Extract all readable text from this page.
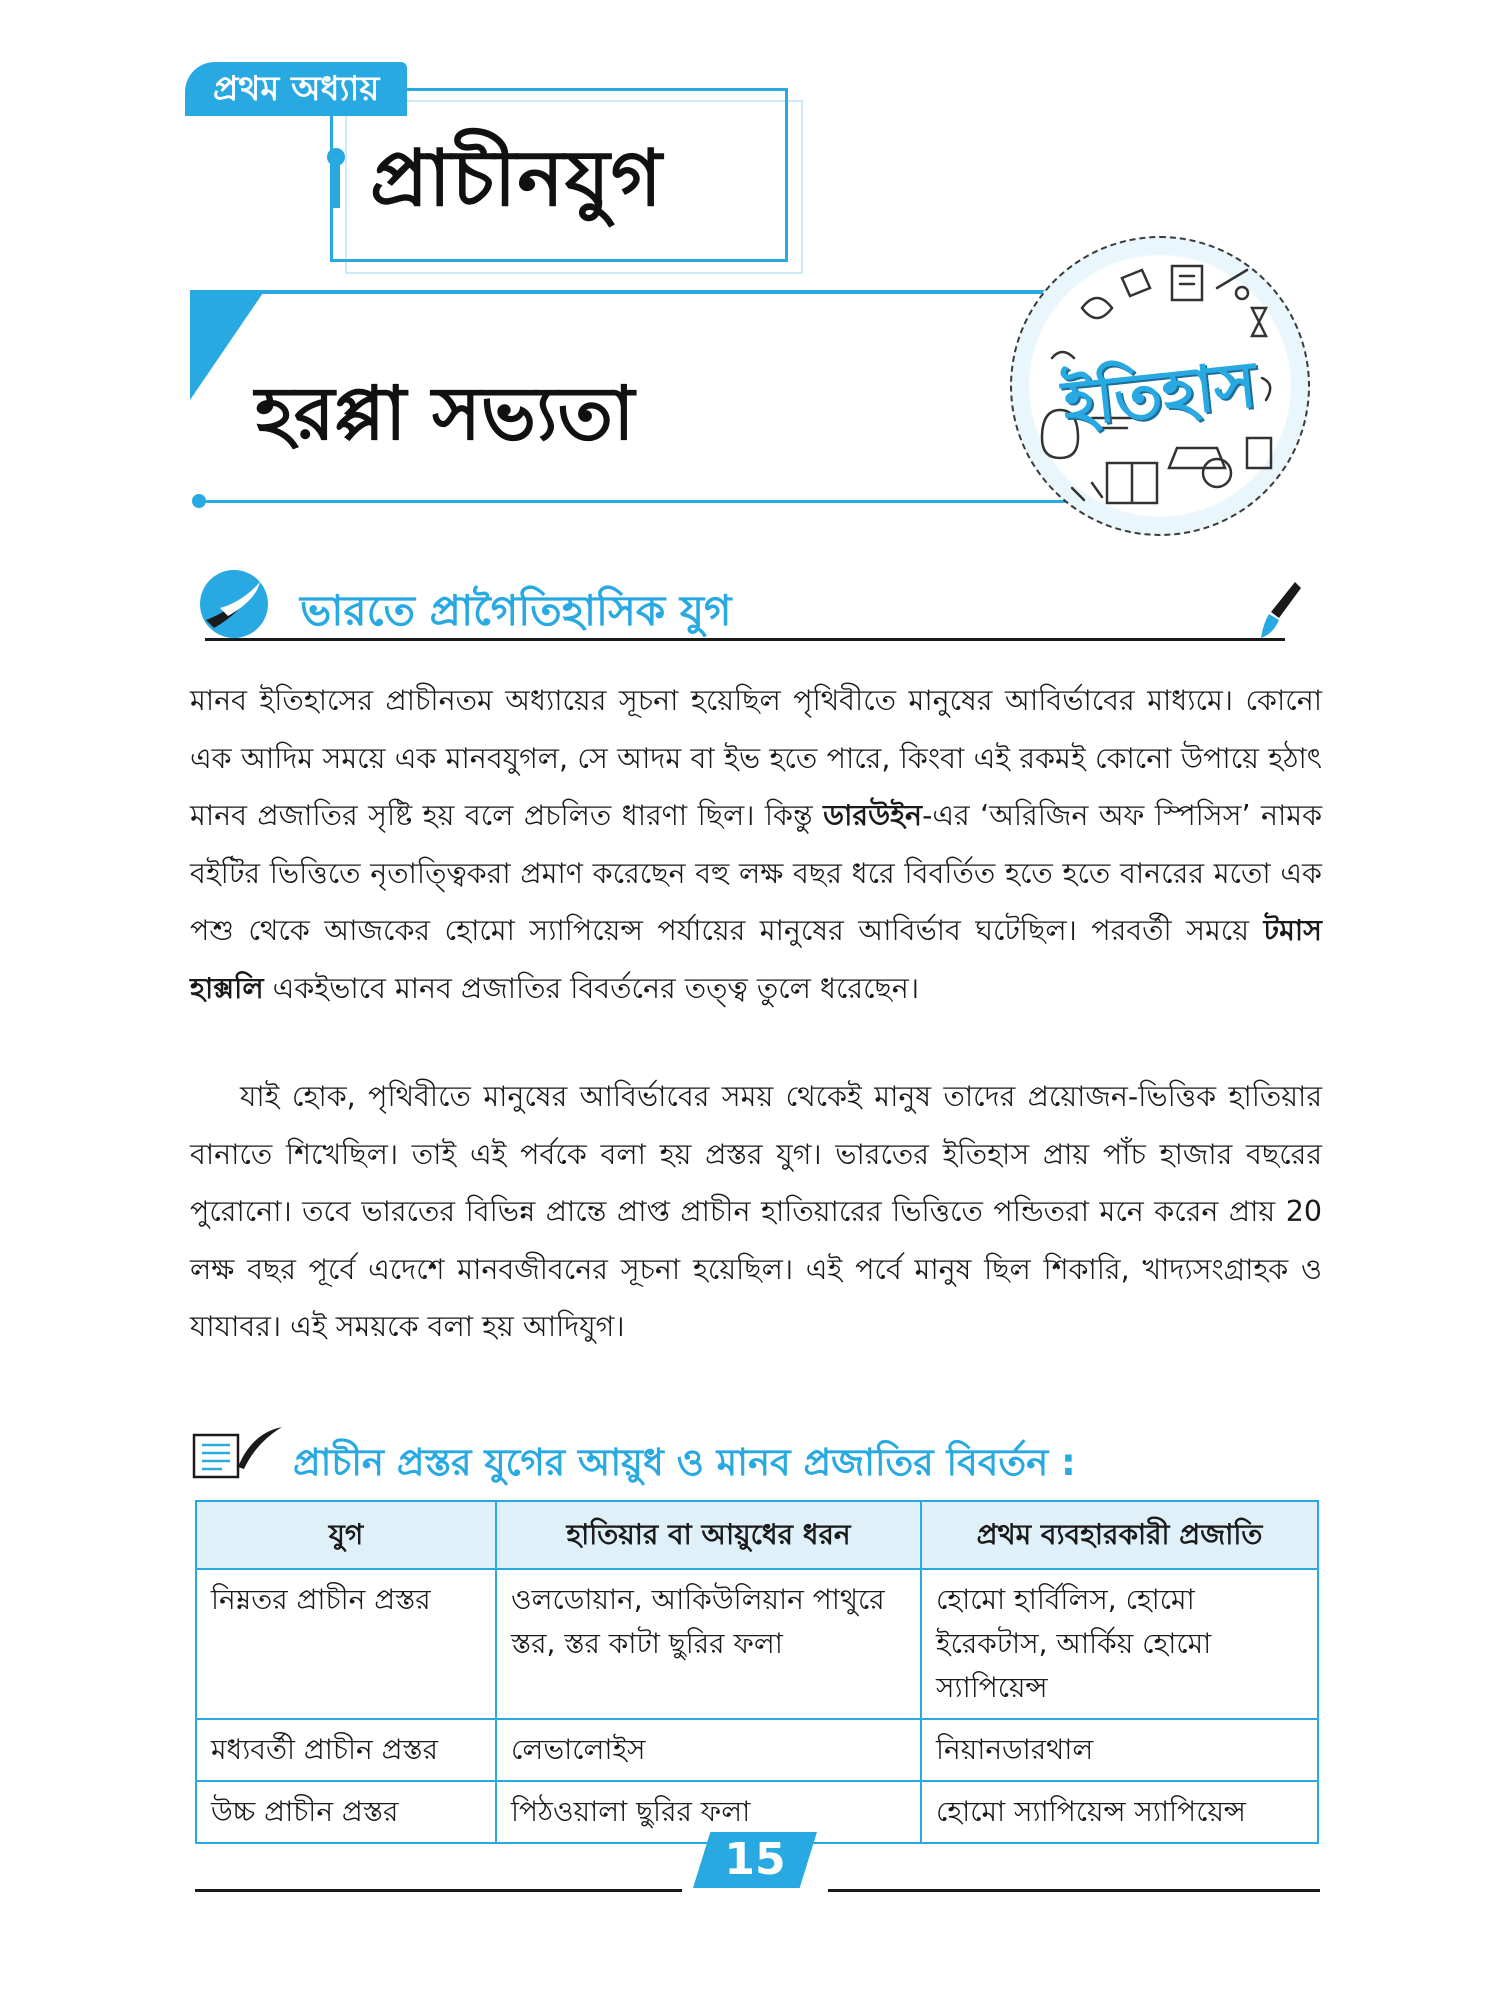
প্রথম অধ্যায়
প্রাচীনযুগ
হরপ্পা সভ্যতা	ইতিহাস
ভারতে প্রাগৈতিহাসিক যুগ
মানব ইতিহাসের প্রাচীনতম অধ্যায়ের সূচনা হয়েছিল পৃথিবীতে মানুষের আবির্ভাবের মাধ্যমে। কোনো এক আদিম সময়ে এক মানবযুগল, সে আদম বা ইভ হতে পারে, কিংবা এই রকমই কোনো উপায়ে হঠাৎ মানব প্রজাতির সৃষ্টি হয় বলে প্রচলিত ধারণা ছিল। কিন্তু ডারউইন-এর ‘অরিজিন অফ স্পিসিস’ নামক বইটির ভিত্তিতে নৃতাত্ত্বিকরা প্রমাণ করেছেন বহু লক্ষ বছর ধরে বিবর্তিত হতে হতে বানরের মতো এক পশু থেকে আজকের হোমো স্যাপিয়েন্স পর্যায়ের মানুষের আবির্ভাব ঘটেছিল। পরবর্তী সময়ে টমাস হাক্সলি একইভাবে মানব প্রজাতির বিবর্তনের তত্ত্ব তুলে ধরেছেন।
যাই হোক, পৃথিবীতে মানুষের আবির্ভাবের সময় থেকেই মানুষ তাদের প্রয়োজন-ভিত্তিক হাতিয়ার বানাতে শিখেছিল। তাই এই পর্বকে বলা হয় প্রস্তর যুগ। ভারতের ইতিহাস প্রায় পাঁচ হাজার বছরের পুরোনো। তবে ভারতের বিভিন্ন প্রান্তে প্রাপ্ত প্রাচীন হাতিয়ারের ভিত্তিতে পন্ডিতরা মনে করেন প্রায় 20 লক্ষ বছর পূর্বে এদেশে মানবজীবনের সূচনা হয়েছিল। এই পর্বে মানুষ ছিল শিকারি, খাদ্যসংগ্রাহক ও যাযাবর। এই সময়কে বলা হয় আদিযুগ।
প্রাচীন প্রস্তর যুগের আয়ুধ ও মানব প্রজাতির বিবর্তন :
যুগ	হাতিয়ার বা আয়ুধের ধরন	প্রথম ব্যবহারকারী প্রজাতি
নিম্নতর প্রাচীন প্রস্তর	ওলডোয়ান, আকিউলিয়ান পাথুরে স্তর, স্তর কাটা ছুরির ফলা	হোমো হার্বিলিস, হোমো ইরেকটাস, আর্কিয় হোমো স্যাপিয়েন্স
মধ্যবর্তী প্রাচীন প্রস্তর	লেভালোইস	নিয়ানডারথাল
উচ্চ প্রাচীন প্রস্তর	পিঠওয়ালা ছুরির ফলা	হোমো স্যাপিয়েন্স স্যাপিয়েন্স
15
